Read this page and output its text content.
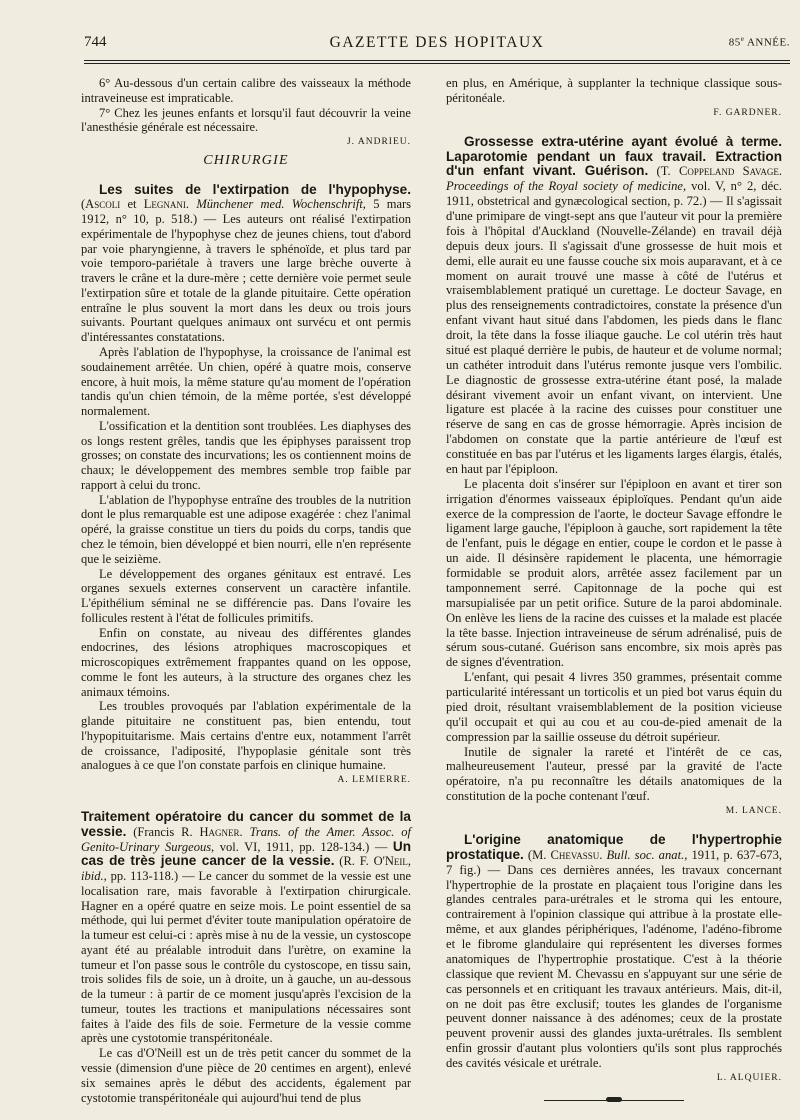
744	GAZETTE DES HOPITAUX	85e ANNÉE.

6° Au-dessous d'un certain calibre des vaisseaux la méthode intraveineuse est impraticable.

7° Chez les jeunes enfants et lorsqu'il faut découvrir la veine l'anesthésie générale est nécessaire.

J. ANDRIEU.

CHIRURGIE

Les suites de l'extirpation de l'hypophyse. (Ascoli et Legnani. Münchener med. Wochenschrift, 5 mars 1912, n° 10, p. 518.) — Les auteurs ont réalisé l'extirpation expérimentale de l'hypophyse chez de jeunes chiens, tout d'abord par voie pharyngienne, à travers le sphénoïde, et plus tard par voie temporo-pariétale à travers une large brèche ouverte à travers le crâne et la dure-mère ; cette dernière voie permet seule l'extirpation sûre et totale de la glande pituitaire. Cette opération entraîne le plus souvent la mort dans les deux ou trois jours suivants. Pourtant quelques animaux ont survécu et ont permis d'intéressantes constatations.

Après l'ablation de l'hypophyse, la croissance de l'animal est soudainement arrêtée. Un chien, opéré à quatre mois, conserve encore, à huit mois, la même stature qu'au moment de l'opération tandis qu'un chien témoin, de la même portée, s'est développé normalement.

L'ossification et la dentition sont troublées. Les diaphyses des os longs restent grêles, tandis que les épiphyses paraissent trop grosses; on constate des incurvations; les os contiennent moins de chaux; le développement des membres semble trop faible par rapport à celui du tronc.

L'ablation de l'hypophyse entraîne des troubles de la nutrition dont le plus remarquable est une adipose exagérée : chez l'animal opéré, la graisse constitue un tiers du poids du corps, tandis que chez le témoin, bien développé et bien nourri, elle n'en représente que le seizième.

Le développement des organes génitaux est entravé. Les organes sexuels externes conservent un caractère infantile. L'épithélium séminal ne se différencie pas. Dans l'ovaire les follicules restent à l'état de follicules primitifs.

Enfin on constate, au niveau des différentes glandes endocrines, des lésions atrophiques macroscopiques et microscopiques extrêmement frappantes quand on les oppose, comme le font les auteurs, à la structure des organes chez les animaux témoins.

Les troubles provoqués par l'ablation expérimentale de la glande pituitaire ne constituent pas, bien entendu, tout l'hypopituitarisme. Mais certains d'entre eux, notamment l'arrêt de croissance, l'adiposité, l'hypoplasie génitale sont très analogues à ce que l'on constate parfois en clinique humaine.

A. LEMIERRE.

Traitement opératoire du cancer du sommet de la vessie. (Francis R. Hagner. Trans. of the Amer. Assoc. of Genito-Urinary Surgeous, vol. VI, 1911, pp. 128-134.) — Un cas de très jeune cancer de la vessie. (R. F. O'Neil, ibid., pp. 113-118.) — Le cancer du sommet de la vessie est une localisation rare, mais favorable à l'extirpation chirurgicale. Hagner en a opéré quatre en seize mois. Le point essentiel de sa méthode, qui lui permet d'éviter toute manipulation opératoire de la tumeur est celui-ci : après mise à nu de la vessie, un cystoscope ayant été au préalable introduit dans l'urètre, on examine la tumeur et l'on passe sous le contrôle du cystoscope, en tissu sain, trois solides fils de soie, un à droite, un à gauche, un au-dessous de la tumeur : à partir de ce moment jusqu'après l'excision de la tumeur, toutes les tractions et manipulations nécessaires sont faites à l'aide des fils de soie. Fermeture de la vessie comme après une cystotomie transpéritonéale.

Le cas d'O'Neill est un de très petit cancer du sommet de la vessie (dimension d'une pièce de 20 centimes en argent), enlevé six semaines après le début des accidents, également par cystotomie transpéritonéale qui aujourd'hui tend de plus

en plus, en Amérique, à supplanter la technique classique sous-péritonéale.

F. GARDNER.

Grossesse extra-utérine ayant évolué à terme. Laparotomie pendant un faux travail. Extraction d'un enfant vivant. Guérison. (T. Coppeland Savage. Proceedings of the Royal society of medicine, vol. V, n° 2, déc. 1911, obstetrical and gynæcological section, p. 72.) — Il s'agissait d'une primipare de vingt-sept ans que l'auteur vit pour la première fois à l'hôpital d'Auckland (Nouvelle-Zélande) en travail déjà depuis deux jours. Il s'agissait d'une grossesse de huit mois et demi, elle aurait eu une fausse couche six mois auparavant, et à ce moment on aurait trouvé une masse à côté de l'utérus et vraisemblablement pratiqué un curettage. Le docteur Savage, en plus des renseignements contradictoires, constate la présence d'un enfant vivant haut situé dans l'abdomen, les pieds dans le flanc droit, la tête dans la fosse iliaque gauche. Le col utérin très haut situé est plaqué derrière le pubis, de hauteur et de volume normal; un cathéter introduit dans l'utérus remonte jusque vers l'ombilic. Le diagnostic de grossesse extra-utérine étant posé, la malade désirant vivement avoir un enfant vivant, on intervient. Une ligature est placée à la racine des cuisses pour constituer une réserve de sang en cas de grosse hémorragie. Après incision de l'abdomen on constate que la partie antérieure de l'œuf est constituée en bas par l'utérus et les ligaments larges élargis, étalés, en haut par l'épiploon.

Le placenta doit s'insérer sur l'épiploon en avant et tirer son irrigation d'énormes vaisseaux épiploïques. Pendant qu'un aide exerce de la compression de l'aorte, le docteur Savage effondre le ligament large gauche, l'épiploon à gauche, sort rapidement la tête de l'enfant, puis le dégage en entier, coupe le cordon et le passe à un aide. Il désinsère rapidement le placenta, une hémorragie formidable se produit alors, arrêtée assez facilement par un tamponnement serré. Capitonnage de la poche qui est marsupialisée par un petit orifice. Suture de la paroi abdominale. On enlève les liens de la racine des cuisses et la malade est placée la tête basse. Injection intraveineuse de sérum adrénalisé, puis de sérum sous-cutané. Guérison sans encombre, six mois après pas de signes d'éventration.

L'enfant, qui pesait 4 livres 350 grammes, présentait comme particularité intéressant un torticolis et un pied bot varus équin du pied droit, résultant vraisemblablement de la position vicieuse qu'il occupait et qui au cou et au cou-de-pied amenait de la compression par la saillie osseuse du détroit supérieur.

Inutile de signaler la rareté et l'intérêt de ce cas, malheureusement l'auteur, pressé par la gravité de l'acte opératoire, n'a pu reconnaître les détails anatomiques de la constitution de la poche contenant l'œuf.

M. LANCE.

L'origine anatomique de l'hypertrophie prostatique. (M. Chevassu. Bull. soc. anat., 1911, p. 637-673, 7 fig.) — Dans ces dernières années, les travaux concernant l'hypertrophie de la prostate en plaçaient tous l'origine dans les glandes centrales para-urétrales et le stroma qui les entoure, contrairement à l'opinion classique qui attribue à la prostate elle-même, et aux glandes périphériques, l'adénome, l'adéno-fibrome et le fibrome glandulaire qui représentent les diverses formes anatomiques de l'hypertrophie prostatique. C'est à la théorie classique que revient M. Chevassu en s'appuyant sur une série de cas personnels et en critiquant les travaux antérieurs. Mais, dit-il, on ne doit pas être exclusif; toutes les glandes de l'organisme peuvent donner naissance à des adénomes; ceux de la prostate peuvent provenir aussi des glandes juxta-urétrales. Ils semblent enfin grossir d'autant plus volontiers qu'ils sont plus rapprochés des cavités vésicale et urétrale.

L. ALQUIER.
